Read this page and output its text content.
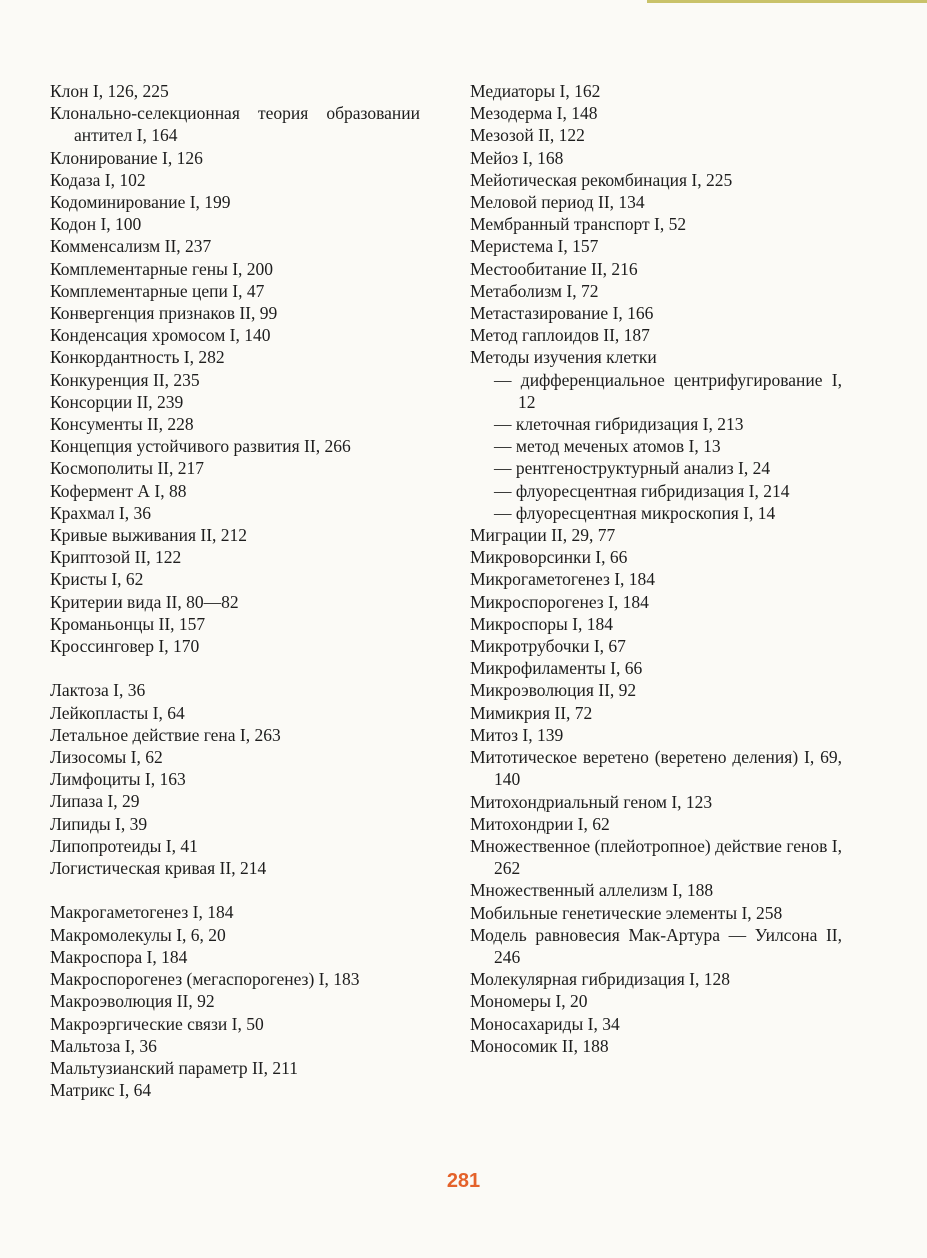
Клон I, 126, 225

Клонально-селекционная теория образовании антител I, 164

Клонирование I, 126

Кодаза I, 102

Кодоминирование I, 199

Кодон I, 100

Комменсализм II, 237

Комплементарные гены I, 200

Комплементарные цепи I, 47

Конвергенция признаков II, 99

Конденсация хромосом I, 140

Конкордантность I, 282

Конкуренция II, 235

Консорции II, 239

Консументы II, 228

Концепция устойчивого развития II, 266

Космополиты II, 217

Кофермент А I, 88

Крахмал I, 36

Кривые выживания II, 212

Криптозой II, 122

Кристы I, 62

Критерии вида II, 80—82

Кроманьонцы II, 157

Кроссинговер I, 170

Лактоза I, 36

Лейкопласты I, 64

Летальное действие гена I, 263

Лизосомы I, 62

Лимфоциты I, 163

Липаза I, 29

Липиды I, 39

Липопротеиды I, 41

Логистическая кривая II, 214

Макрогаметогенез I, 184

Макромолекулы I, 6, 20

Макроспора I, 184

Макроспорогенез (мегаспорогенез) I, 183

Макроэволюция II, 92

Макроэргические связи I, 50

Мальтоза I, 36

Мальтузианский параметр II, 211

Матрикс I, 64

Медиаторы I, 162

Мезодерма I, 148

Мезозой II, 122

Мейоз I, 168

Мейотическая рекомбинация I, 225

Меловой период II, 134

Мембранный транспорт I, 52

Меристема I, 157

Местообитание II, 216

Метаболизм I, 72

Метастазирование I, 166

Метод гаплоидов II, 187

Методы изучения клетки

— дифференциальное центрифугирование I, 12

— клеточная гибридизация I, 213

— метод меченых атомов I, 13

— рентгеноструктурный анализ I, 24

— флуоресцентная гибридизация I, 214

— флуоресцентная микроскопия I, 14

Миграции II, 29, 77

Микроворсинки I, 66

Микрогаметогенез I, 184

Микроспорогенез I, 184

Микроспоры I, 184

Микротрубочки I, 67

Микрофиламенты I, 66

Микроэволюция II, 92

Мимикрия II, 72

Митоз I, 139

Митотическое веретено (веретено деления) I, 69, 140

Митохондриальный геном I, 123

Митохондрии I, 62

Множественное (плейотропное) действие генов I, 262

Множественный аллелизм I, 188

Мобильные генетические элементы I, 258

Модель равновесия Мак-Артура — Уилсона II, 246

Молекулярная гибридизация I, 128

Мономеры I, 20

Моносахариды I, 34

Моносомик II, 188

281
